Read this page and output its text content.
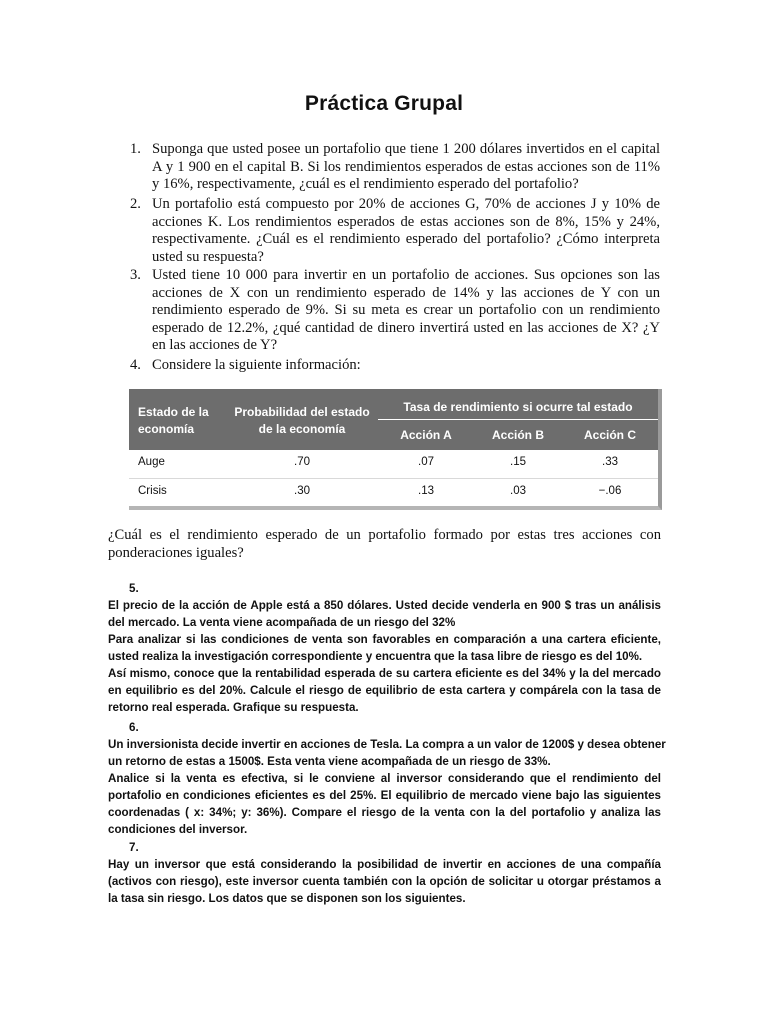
Práctica Grupal
1. Suponga que usted posee un portafolio que tiene 1 200 dólares invertidos en el capital
A y 1 900 en el capital B. Si los rendimientos esperados de estas acciones son de 11%
y 16%, respectivamente, ¿cuál es el rendimiento esperado del portafolio?
2. Un portafolio está compuesto por 20% de acciones G, 70% de acciones J y 10% de
acciones K. Los rendimientos esperados de estas acciones son de 8%, 15% y 24%,
respectivamente. ¿Cuál es el rendimiento esperado del portafolio? ¿Cómo interpreta
usted su respuesta?
3. Usted tiene 10 000 para invertir en un portafolio de acciones. Sus opciones son las
acciones de X con un rendimiento esperado de 14% y las acciones de Y con un
rendimiento esperado de 9%. Si su meta es crear un portafolio con un rendimiento
esperado de 12.2%, ¿qué cantidad de dinero invertirá usted en las acciones de X? ¿Y
en las acciones de Y?
4. Considere la siguiente información:
Estado de la
economía
Probabilidad del estado
de la economía
Tasa de rendimiento si ocurre tal estado
Acción A	Acción B	Acción C
Auge	.70	.07	.15	.33
Crisis	.30	.13	.03	−.06
¿Cuál es el rendimiento esperado de un portafolio formado por estas tres acciones con
ponderaciones iguales?
5.
El precio de la acción de Apple está a 850 dólares. Usted decide venderla en 900 $ tras un análisis
del mercado. La venta viene acompañada de un riesgo del 32%
Para analizar si las condiciones de venta son favorables en comparación a una cartera eficiente,
usted realiza la investigación correspondiente y encuentra que la tasa libre de riesgo es del 10%.
Así mismo, conoce que la rentabilidad esperada de su cartera eficiente es del 34% y la del mercado
en equilibrio es del 20%. Calcule el riesgo de equilibrio de esta cartera y compárela con la tasa de
retorno real esperada. Grafique su respuesta.
6.
Un inversionista decide invertir en acciones de Tesla. La compra a un valor de 1200$ y desea obtener
un retorno de estas a 1500$. Esta venta viene acompañada de un riesgo de 33%.
Analice si la venta es efectiva, si le conviene al inversor considerando que el rendimiento del
portafolio en condiciones eficientes es del 25%. El equilibrio de mercado viene bajo las siguientes
coordenadas ( x: 34%; y: 36%). Compare el riesgo de la venta con la del portafolio y analiza las
condiciones del inversor.
7.
Hay un inversor que está considerando la posibilidad de invertir en acciones de una compañía
(activos con riesgo), este inversor cuenta también con la opción de solicitar u otorgar préstamos a
la tasa sin riesgo. Los datos que se disponen son los siguientes.
